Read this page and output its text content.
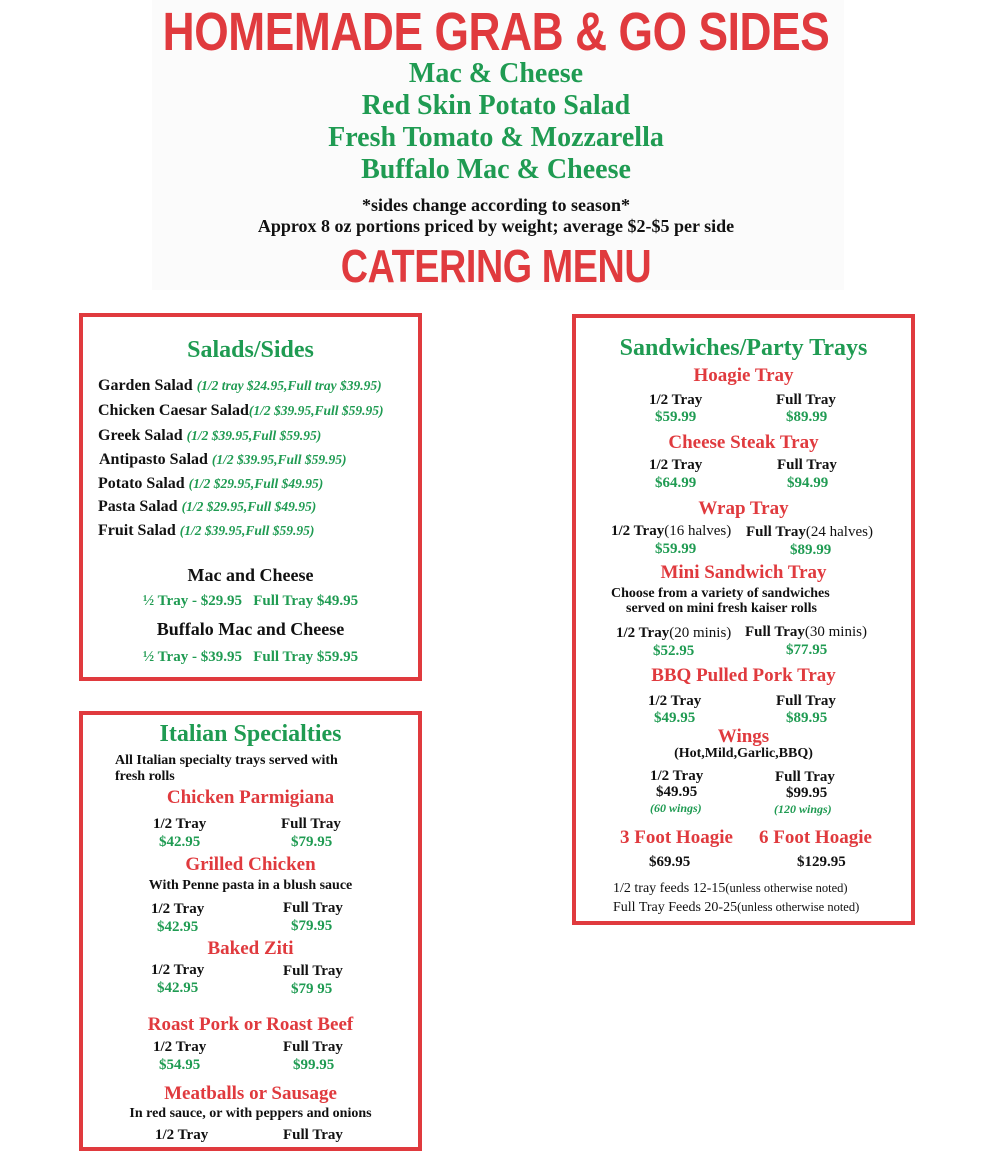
HOMEMADE GRAB & GO SIDES
Mac & Cheese
Red Skin Potato Salad
Fresh Tomato & Mozzarella
Buffalo Mac & Cheese
*sides change according to season*
Approx 8 oz portions priced by weight; average $2-$5 per side
CATERING MENU
Salads/Sides
Garden Salad (1/2 tray $24.95,Full tray $39.95)
Chicken Caesar Salad(1/2 $39.95,Full $59.95)
Greek Salad (1/2 $39.95,Full $59.95)
Antipasto Salad (1/2 $39.95,Full $59.95)
Potato Salad (1/2 $29.95,Full $49.95)
Pasta Salad (1/2 $29.95,Full $49.95)
Fruit Salad (1/2 $39.95,Full $59.95)
Mac and Cheese
½ Tray - $29.95   Full Tray $49.95
Buffalo Mac and Cheese
½ Tray - $39.95   Full Tray $59.95
Italian Specialties
All Italian specialty trays served with
fresh rolls
Chicken Parmigiana
1/2 Tray	Full Tray
$42.95	$79.95
Grilled Chicken
With Penne pasta in a blush sauce
1/2 Tray	Full Tray
$42.95	$79.95
Baked Ziti
1/2 Tray	Full Tray
$42.95	$79 95
Roast Pork or Roast Beef
1/2 Tray	Full Tray
$54.95	$99.95
Meatballs or Sausage
In red sauce, or with peppers and onions
1/2 Tray	Full Tray
Sandwiches/Party Trays
Hoagie Tray
1/2 Tray	Full Tray
$59.99	$89.99
Cheese Steak Tray
1/2 Tray	Full Tray
$64.99	$94.99
Wrap Tray
1/2 Tray(16 halves) Full Tray(24 halves)
$59.99	$89.99
Mini Sandwich Tray
Choose from a variety of sandwiches
served on mini fresh kaiser rolls
1/2 Tray(20 minis) Full Tray(30 minis)
$52.95	$77.95
BBQ Pulled Pork Tray
1/2 Tray	Full Tray
$49.95	$89.95
Wings
(Hot,Mild,Garlic,BBQ)
1/2 Tray	Full Tray
$49.95	$99.95
(60 wings)	(120 wings)
3 Foot Hoagie 6 Foot Hoagie
$69.95	$129.95
1/2 tray feeds 12-15(unless otherwise noted)
Full Tray Feeds 20-25(unless otherwise noted)
